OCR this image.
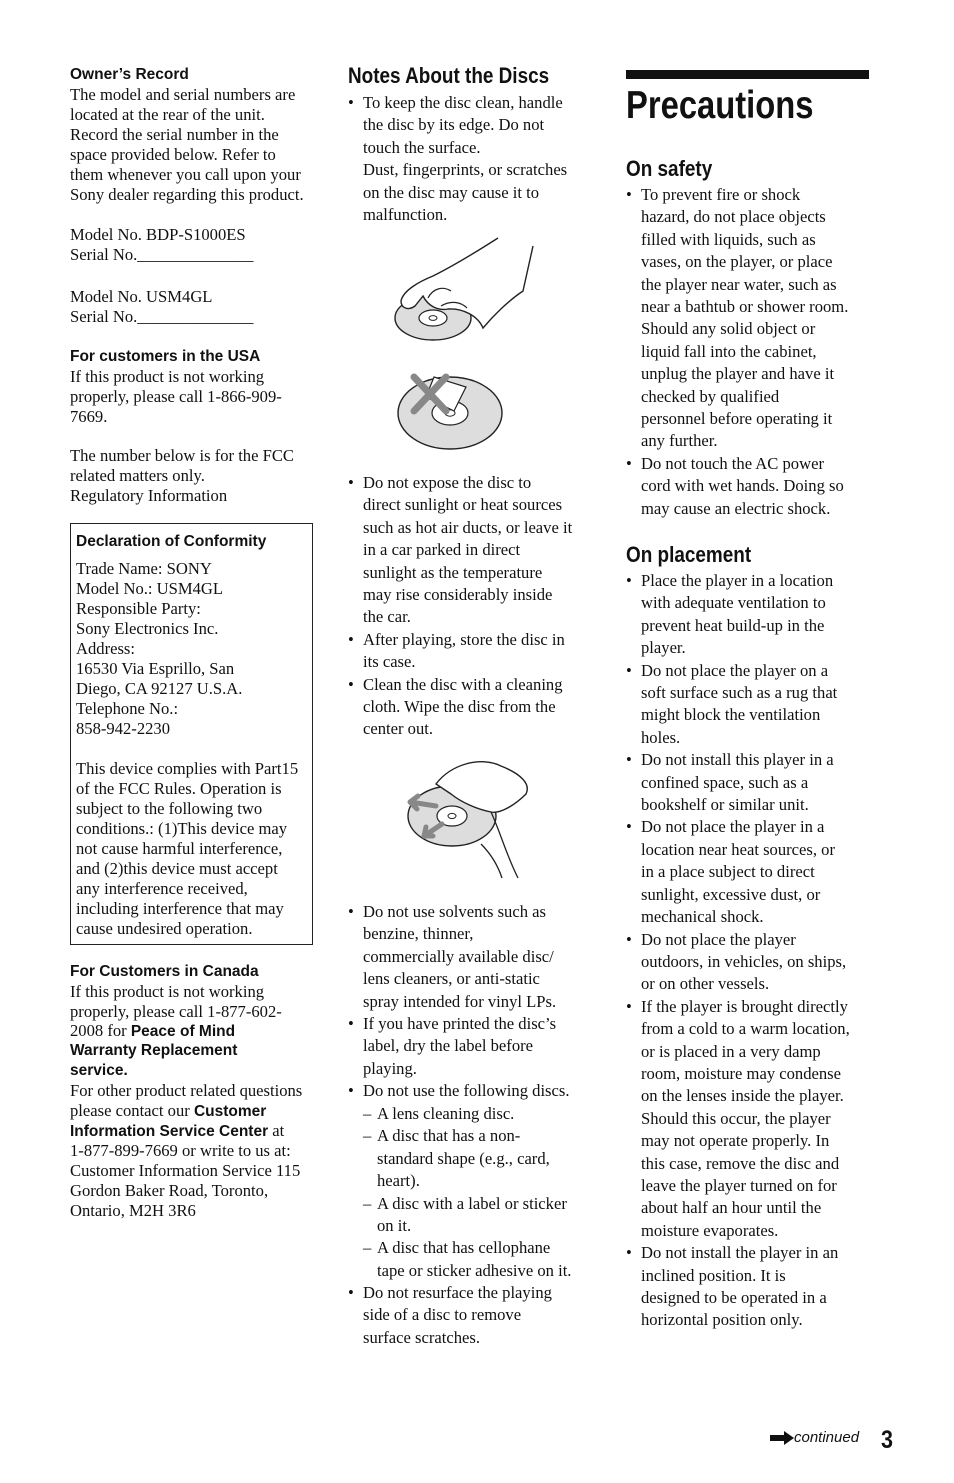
Owner’s Record

The model and serial numbers are
located at the rear of the unit.
Record the serial number in the
space provided below. Refer to
them whenever you call upon your
Sony dealer regarding this product.

Model No. BDP-S1000ES
Serial No.______________

Model No. USM4GL
Serial No.______________

For customers in the USA

If this product is not working
properly, please call 1-866-909-
7669.

The number below is for the FCC
related matters only.
Regulatory Information

Declaration of Conformity

Trade Name: SONY
Model No.: USM4GL
Responsible Party:
Sony Electronics Inc.
Address:
16530 Via Esprillo, San
Diego, CA 92127 U.S.A.
Telephone No.:
858-942-2230

This device complies with Part15
of the FCC Rules. Operation is
subject to the following two
conditions.: (1)This device may
not cause harmful interference,
and (2)this device must accept
any interference received,
including interference that may
cause undesired operation.

For Customers in Canada

If this product is not working

properly, please call 1-877-602-

2008 for Peace of Mind

Warranty Replacement

service.

For other product related questions

please contact our Customer

Information Service Center at

1-877-899-7669 or write to us at:
Customer Information Service 115
Gordon Baker Road, Toronto,
Ontario, M2H 3R6

Notes About the Discs
• To keep the disc clean, handle
the disc by its edge. Do not
touch the surface.
Dust, fingerprints, or scratches
on the disc may cause it to
malfunction.
• Do not expose the disc to
direct sunlight or heat sources
such as hot air ducts, or leave it
in a car parked in direct
sunlight as the temperature
may rise considerably inside
the car.
• After playing, store the disc in
its case.
• Clean the disc with a cleaning
cloth. Wipe the disc from the
center out.
• Do not use solvents such as
benzine, thinner,
commercially available disc/
lens cleaners, or anti-static
spray intended for vinyl LPs.
• If you have printed the disc’s
label, dry the label before
playing.
• Do not use the following discs.
– A lens cleaning disc.
– A disc that has a non-
standard shape (e.g., card,
heart).
– A disc with a label or sticker
on it.
– A disc that has cellophane
tape or sticker adhesive on it.
• Do not resurface the playing
side of a disc to remove
surface scratches.
Precautions
On safety
• To prevent fire or shock
hazard, do not place objects
filled with liquids, such as
vases, on the player, or place
the player near water, such as
near a bathtub or shower room.
Should any solid object or
liquid fall into the cabinet,
unplug the player and have it
checked by qualified
personnel before operating it
any further.
• Do not touch the AC power
cord with wet hands. Doing so
may cause an electric shock.
On placement
• Place the player in a location
with adequate ventilation to
prevent heat build-up in the
player.
• Do not place the player on a
soft surface such as a rug that
might block the ventilation
holes.
• Do not install this player in a
confined space, such as a
bookshelf or similar unit.
• Do not place the player in a
location near heat sources, or
in a place subject to direct
sunlight, excessive dust, or
mechanical shock.
• Do not place the player
outdoors, in vehicles, on ships,
or on other vessels.
• If the player is brought directly
from a cold to a warm location,
or is placed in a very damp
room, moisture may condense
on the lenses inside the player.
Should this occur, the player
may not operate properly. In
this case, remove the disc and
leave the player turned on for
about half an hour until the
moisture evaporates.
• Do not install the player in an
inclined position. It is
designed to be operated in a
horizontal position only.
continued 3
